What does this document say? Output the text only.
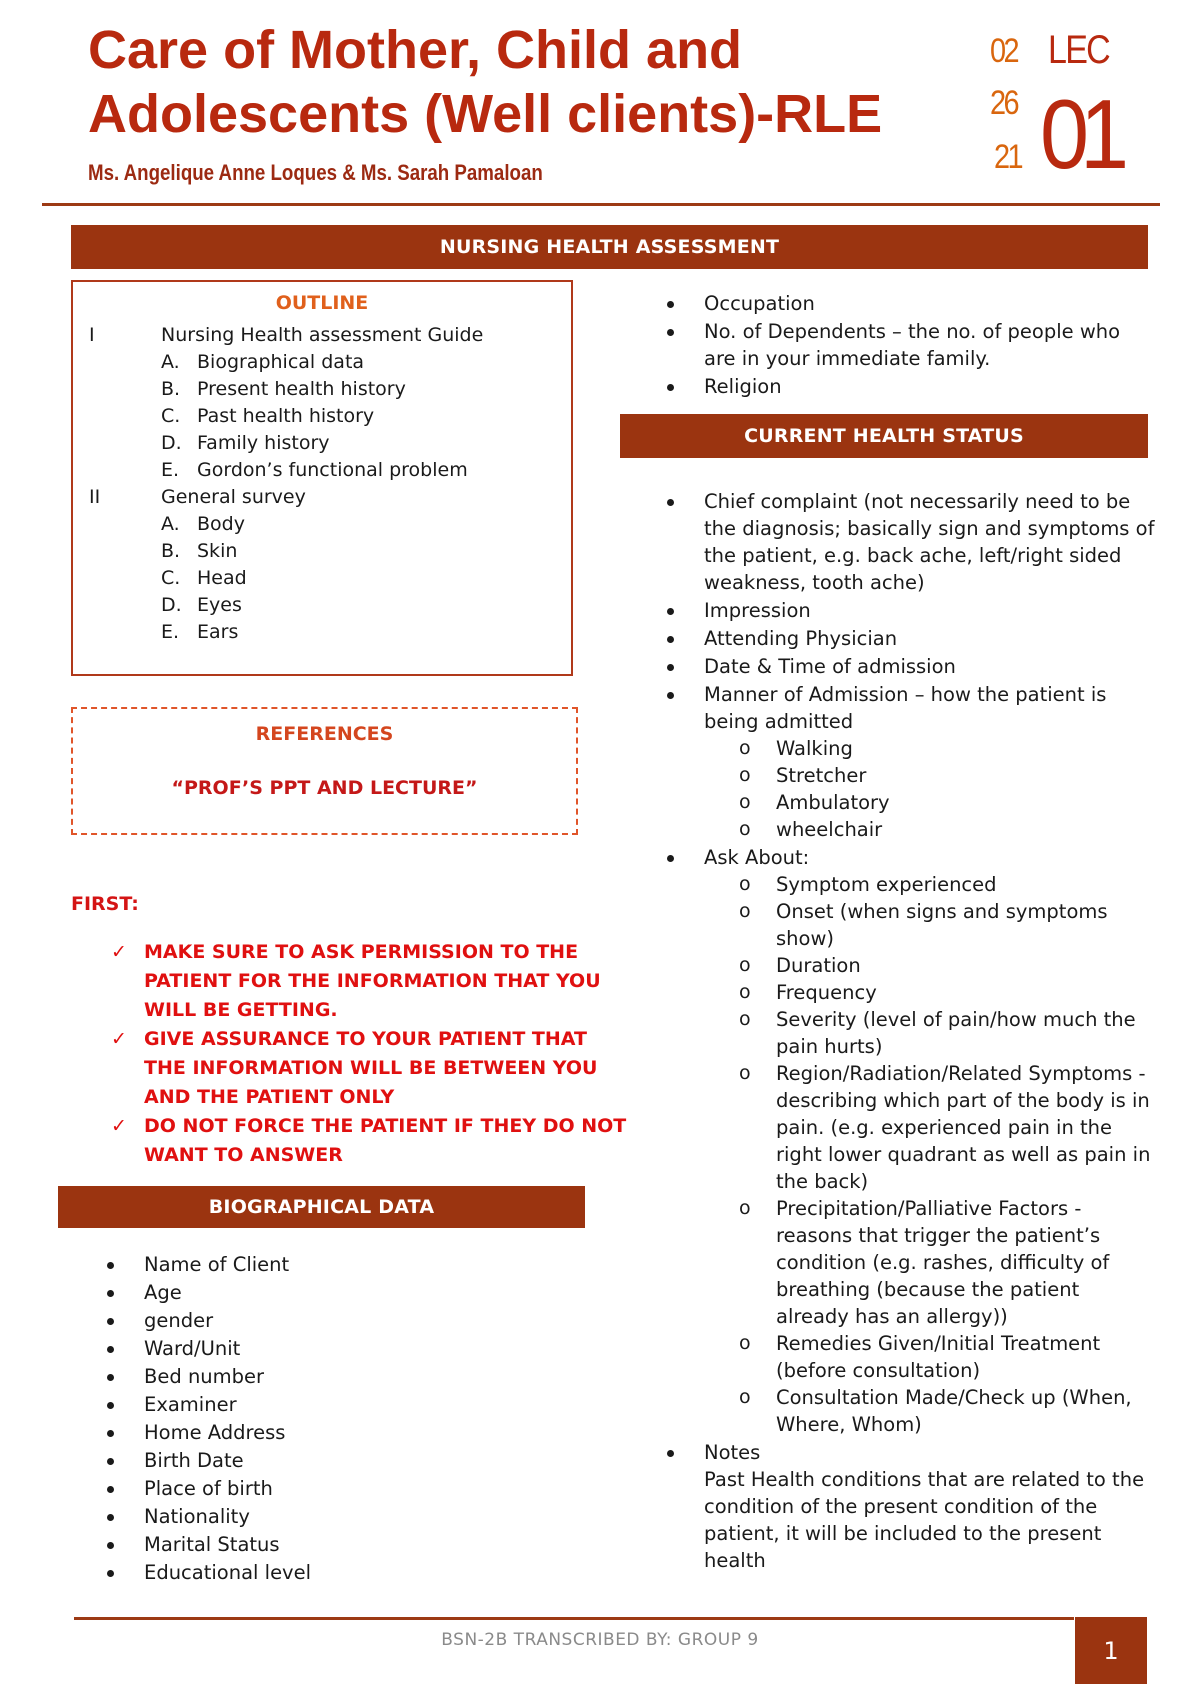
Care of Mother, Child and
Adolescents (Well clients)-RLE
Ms. Angelique Anne Loques & Ms. Sarah Pamaloan
02
26
21
LEC
01
NURSING HEALTH ASSESSMENT
OUTLINE
I	Nursing Health assessment Guide
A. Biographical data
B. Present health history
C. Past health history
D. Family history
E. Gordon’s functional problem
II	General survey
A. Body
B. Skin
C. Head
D. Eyes
E. Ears
REFERENCES
“PROF’S PPT AND LECTURE”
FIRST:
✓ MAKE SURE TO ASK PERMISSION TO THE
PATIENT FOR THE INFORMATION THAT YOU
WILL BE GETTING.
✓ GIVE ASSURANCE TO YOUR PATIENT THAT
THE INFORMATION WILL BE BETWEEN YOU
AND THE PATIENT ONLY
✓ DO NOT FORCE THE PATIENT IF THEY DO NOT
WANT TO ANSWER
BIOGRAPHICAL DATA
Name of Client
Age
gender
Ward/Unit
Bed number
Examiner
Home Address
Birth Date
Place of birth
Nationality
Marital Status
Educational level
Occupation
No. of Dependents – the no. of people who
are in your immediate family.
Religion
CURRENT HEALTH STATUS
Chief complaint (not necessarily need to be
the diagnosis; basically sign and symptoms of
the patient, e.g. back ache, left/right sided
weakness, tooth ache)
Impression
Attending Physician
Date & Time of admission
Manner of Admission – how the patient is
being admitted
o Walking
o Stretcher
o Ambulatory
o wheelchair
Ask About:
o Symptom experienced
o Onset (when signs and symptoms
show)
o Duration
o Frequency
o Severity (level of pain/how much the
pain hurts)
o Region/Radiation/Related Symptoms -
describing which part of the body is in
pain. (e.g. experienced pain in the
right lower quadrant as well as pain in
the back)
o Precipitation/Palliative Factors -
reasons that trigger the patient’s
condition (e.g. rashes, difficulty of
breathing (because the patient
already has an allergy))
o Remedies Given/Initial Treatment
(before consultation)
o Consultation Made/Check up (When,
Where, Whom)
Notes
Past Health conditions that are related to the
condition of the present condition of the
patient, it will be included to the present
health
BSN-2B TRANSCRIBED BY: GROUP 9	1
